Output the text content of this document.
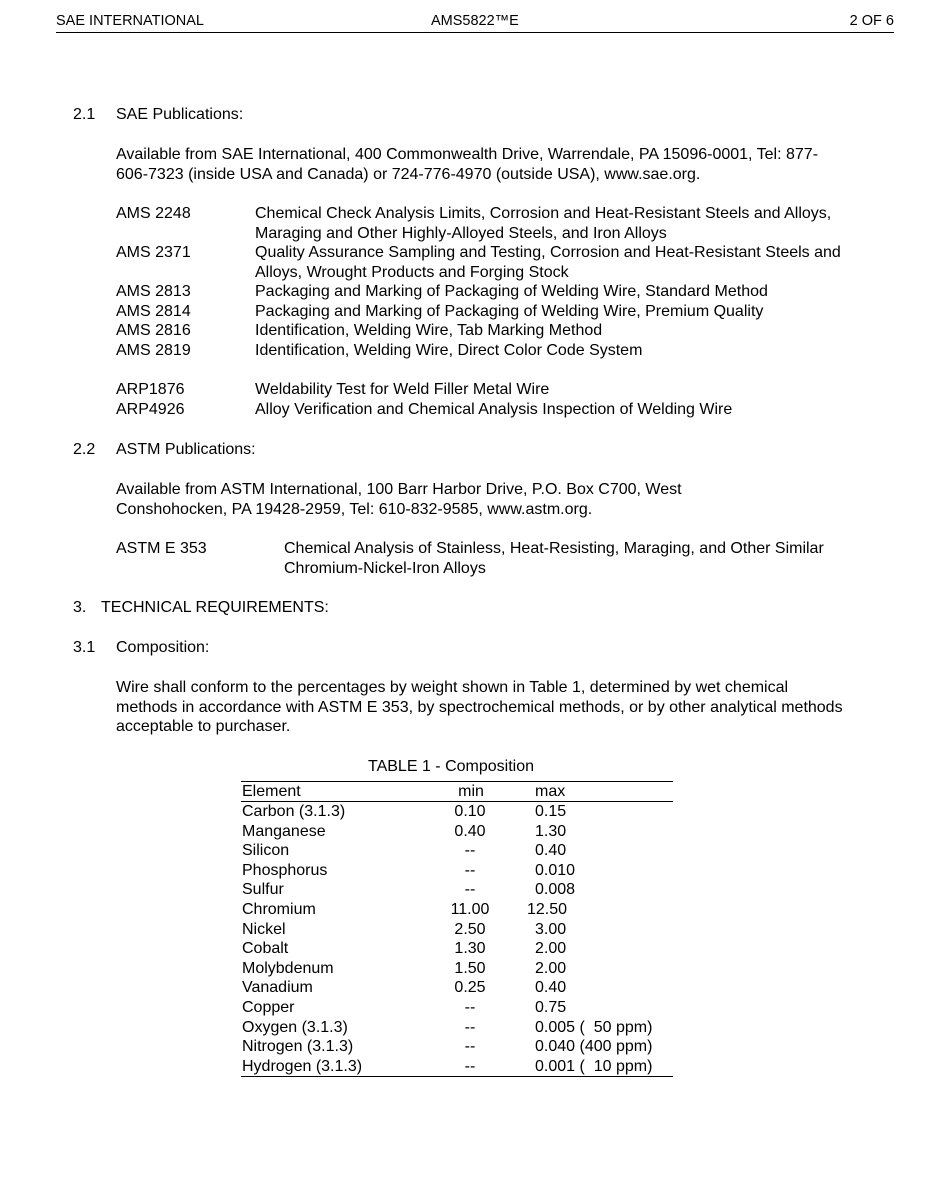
SAE INTERNATIONAL	AMS5822™E	2 OF 6
2.1 SAE Publications:
Available from SAE International, 400 Commonwealth Drive, Warrendale, PA 15096-0001, Tel: 877-606-7323 (inside USA and Canada) or 724-776-4970 (outside USA), www.sae.org.
AMS 2248	Chemical Check Analysis Limits, Corrosion and Heat-Resistant Steels and Alloys, Maraging and Other Highly-Alloyed Steels, and Iron Alloys
AMS 2371	Quality Assurance Sampling and Testing, Corrosion and Heat-Resistant Steels and Alloys, Wrought Products and Forging Stock
AMS 2813	Packaging and Marking of Packaging of Welding Wire, Standard Method
AMS 2814	Packaging and Marking of Packaging of Welding Wire, Premium Quality
AMS 2816	Identification, Welding Wire, Tab Marking Method
AMS 2819	Identification, Welding Wire, Direct Color Code System
ARP1876	Weldability Test for Weld Filler Metal Wire
ARP4926	Alloy Verification and Chemical Analysis Inspection of Welding Wire
2.2 ASTM Publications:
Available from ASTM International, 100 Barr Harbor Drive, P.O. Box C700, West Conshohocken, PA 19428-2959, Tel: 610-832-9585, www.astm.org.
ASTM E 353	Chemical Analysis of Stainless, Heat-Resisting, Maraging, and Other Similar Chromium-Nickel-Iron Alloys
3. TECHNICAL REQUIREMENTS:
3.1 Composition:
Wire shall conform to the percentages by weight shown in Table 1, determined by wet chemical methods in accordance with ASTM E 353, by spectrochemical methods, or by other analytical methods acceptable to purchaser.
TABLE 1 - Composition
Element	min	max
Carbon (3.1.3)	0.10	0.15
Manganese	0.40	1.30
Silicon	--	0.40
Phosphorus	--	0.010
Sulfur	--	0.008
Chromium	11.00	12.50
Nickel	2.50	3.00
Cobalt	1.30	2.00
Molybdenum	1.50	2.00
Vanadium	0.25	0.40
Copper	--	0.75
Oxygen (3.1.3)	--	0.005 (  50 ppm)
Nitrogen (3.1.3)	--	0.040 (400 ppm)
Hydrogen (3.1.3)	--	0.001 (  10 ppm)
